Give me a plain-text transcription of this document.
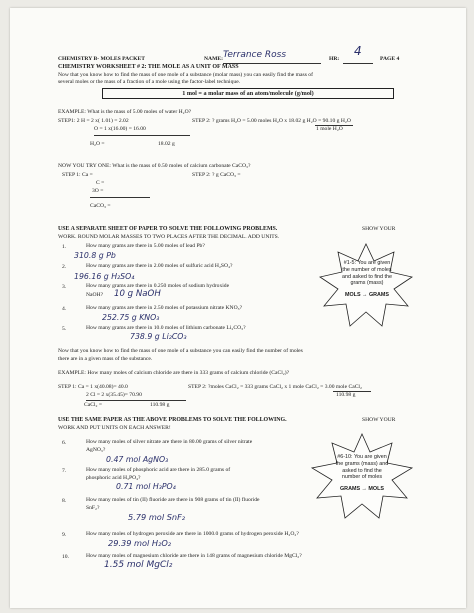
CHEMISTRY B- MOLES PACKET	NAME: Terrance Ross	HR:
4
PAGE 4
CHEMISTRY WORKSHEET # 2: THE MOLE AS A UNIT OF MASS
Now that you know how to find the mass of one mole of a substance (molar mass) you can easily find the mass of
several moles or the mass of a fraction of a mole using the factor-label technique.
1 mol = a molar mass of an atom/molecule (g/mol)
EXAMPLE: What is the mass of 5.00 moles of water H₂O?
STEP1: 2 H = 2 x( 1.01) = 2.02
O = 1 x(16.00) = 16.00
H₂O =	18.02 g
STEP 2: ? grams H₂O = 5.00 moles H₂O x 18.02 g H₂O = 90.10 g H₂O
1 mole H₂O
NOW YOU TRY ONE: What is the mass of 0.50 moles of calcium carbonate CaCO₃?
STEP 1: Ca =
C =
3O =
CaCO₃ =
STEP 2: ? g CaCO₃ =
USE A SEPARATE SHEET OF PAPER TO SOLVE THE FOLLOWING PROBLEMS.	SHOW YOUR
WORK. ROUND MOLAR MASSES TO TWO PLACES AFTER THE DECIMAL. ADD UNITS.
1.	How many grams are there in 5.00 moles of lead Pb?
310.8 g Pb
2.	How many grams are there in 2.00 moles of sulfuric acid H₂SO₄?
196.16 g H₂SO₄
3.	How many grams are there in 0.250 moles of sodium hydroxide
NaOH? 10 g NaOH
4.	How many grams are there in 2.50 moles of potassium nitrate KNO₃?
252.75 g KNO₃
5.	How many grams are there in 10.0 moles of lithium carbonate Li₂CO₃?
738.9 g Li₂CO₃
#1-5: You are given
the number of moles
and asked to find the
grams (mass)
MOLS → GRAMS
Now that you know how to find the mass of one mole of a substance you can easily find the number of moles
there are in a given mass of the substance.
EXAMPLE: How many moles of calcium chloride are there in 333 grams of calcium chloride (CaCl₂)?
STEP 1: Ca = 1 x(40.08)= 40.0
2 Cl = 2 x(35.45)= 70.90
CaCl₂ =	110.98 g
STEP 2: ?moles CaCl₂ = 333 grams CaCl₂ x 1 mole CaCl₂ = 3.00 mole CaCl₂
110.98 g
USE THE SAME PAPER AS THE ABOVE PROBLEMS TO SOLVE THE FOLLOWING.	SHOW YOUR
WORK AND PUT UNITS ON EACH ANSWER!
6.	How many moles of silver nitrate are there in 80.00 grams of silver nitrate
AgNO₃?
0.47 mol AgNO₃
7.	How many moles of phosphoric acid are there in 285.0 grams of
phosphoric acid H₃PO₄?
0.71 mol H₃PO₄
8.	How many moles of tin (II) fluoride are there in 908 grams of tin (II) fluoride
SnF₂?
5.79 mol SnF₂
9.	How many moles of hydrogen peroxide are there in 1000.0 grams of hydrogen peroxide H₂O₂?
29.39 mol H₂O₂
10.	How many moles of magnesium chloride are there in 148 grams of magnesium chloride MgCl₂?
1.55 mol MgCl₂
#6-10: You are given
the grams (mass) and
asked to find the
number of moles
GRAMS → MOLS
